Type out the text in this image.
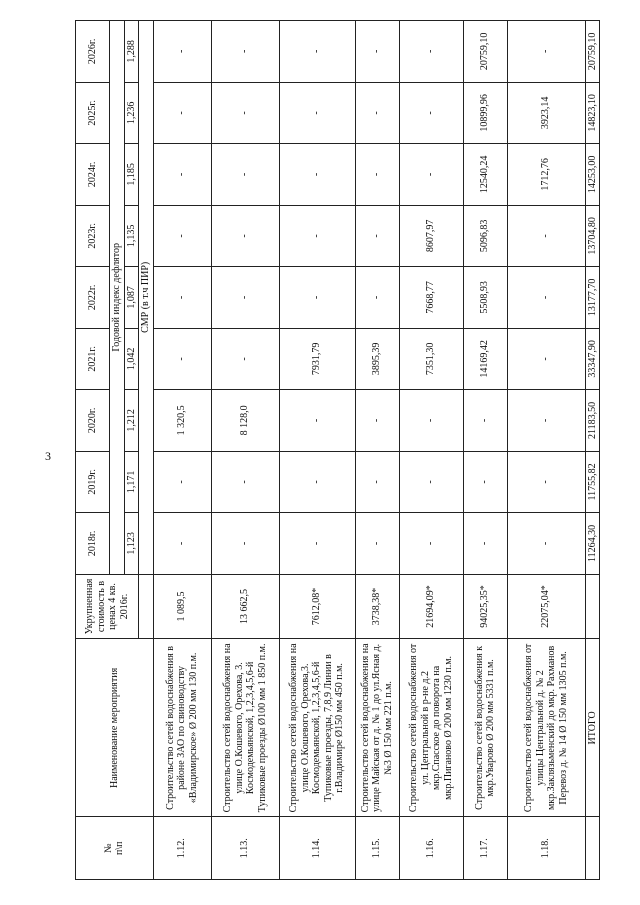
3
№
п\п	Наименование мероприятия	Укрупненная стоимость в ценах 4 кв. 2016г.	2018г.	2019г.	2020г.	2021г.	2022г.	2023г.	2024г.	2025г.	2026г.
			Годовой индекс дефлятор								
			1,123	1,171	1,212	1,042	1,087	1,135	1,185	1,236	1,288
			СМР (в т.ч ПИР)								
1.12.	Строительство сетей водоснабжения в районе ЗАО по свиноводству «Владимирское» Ø 200 мм 130 п.м.	1 089,5	-	-	1 320,5	-	-	-	-	-	-
1.13.	Строительство сетей водоснабжения на улице О.Кошевого, Орехова, 3. Космодемьянской, 1,2,3,4,5,6-й Тупиковые проезды Ø100 мм 1 850 п.м.	13 662,5	-	-	8 128,0	-	-	-	-	-	-
1.14.	Строительство сетей водоснабжения на улице О.Кошевого, Орехова,3. Космодемьянской, 1,2,3,4,5,6-й Тупиковые проезды, 7,8,9 Линии в г.Владимире Ø150 мм 450 п.м.	7612,08*	-	-	-	7931,79	-	-	-	-	-
1.15.	Строительство сетей водоснабжения на улице Майская от д. № 1 до ул.Ясная д. №3 Ø 150 мм 221 п.м.	3738,38*	-	-	-	3895,39	-	-	-	-	-
1.16.	Строительство сетей водоснабжения от ул. Центральной в р-не д.2 мкр.Спасское до поворота на мкр.Пиганово Ø 200 мм 1230 п.м.	21694,09*	-	-	-	7351,30	7668,77	8607,97	-	-	-
1.17.	Строительство сетей водоснабжения к мкр.Уварово Ø 200 мм 5331 п.м.	94025,35*	-	-	-	14169,42	5508,93	5096,83	12540,24	10899,96	20759,10
1.18.	Строительство сетей водоснабжения от улицы Центральной д. № 2 мкр.Заклязьменский до мкр. Рахманов Перевоз д. № 14 Ø 150 мм 1305 п.м.	22075,04*	-	-	-	-	-	-	1712,76	3923,14	-
	ИТОГО		11264,30	11755,82	21183,50	33347,90	13177,70	13704,80	14253,00	14823,10	20759,10
